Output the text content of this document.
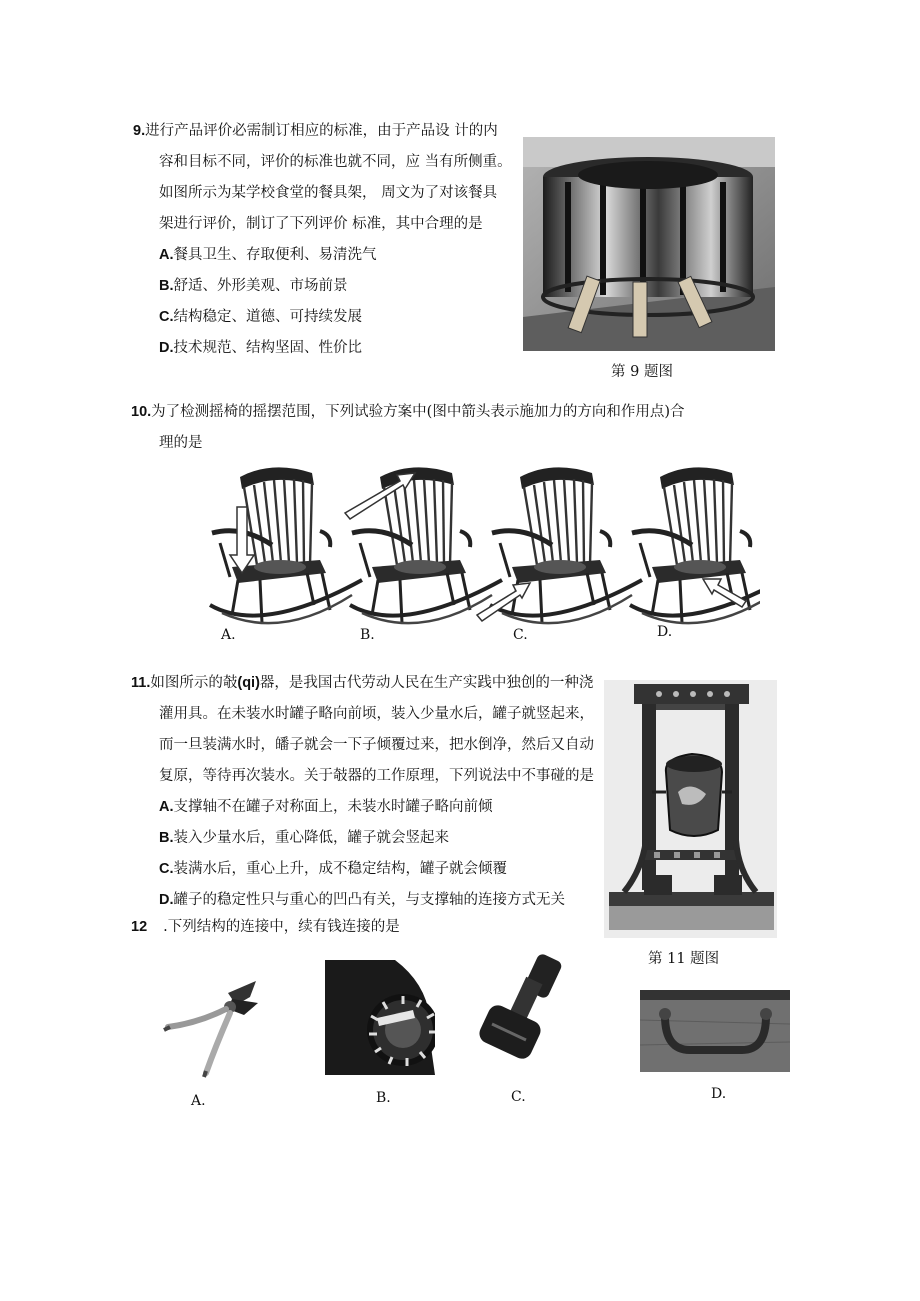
9.进行产品评价必需制订相应的标准，由于产品设 计的内
容和目标不同，评价的标准也就不同，应 当有所侧重。
如图所示为某学校食堂的餐具架， 周文为了对该餐具
架进行评价，制订了下列评价 标准，其中合理的是
A.餐具卫生、存取便利、易清洗气
B.舒适、外形美观、市场前景
C.结构稳定、道德、可持续发展
D.技术规范、结构坚固、性价比
第 9 题图
10.为了检测摇椅的摇摆范围，下列试验方案中(图中箭头表示施加力的方向和作用点)合
理的是
A.	B.	C.	D.
11.如图所示的攲(qi)器，是我国古代劳动人民在生产实践中独创的一种浇
灌用具。在未装水时罐子略向前顷，装入少量水后，罐子就竖起来，
而一旦装满水时，皤子就会一下子倾覆过来，把水倒净，然后又自动
复原，等待再次装水。关于攲器的工作原理，下列说法中不事碰的是
A.支撑轴不在罐子对称面上，未装水时罐子略向前倾
B.装入少量水后，重心降低，罐子就会竖起来
C.装满水后，重心上升，成不稳定结构，罐子就会倾覆
D.罐子的稳定性只与重心的凹凸有关，与支撑轴的连接方式无关
第 11 题图
12 .下列结构的连接中，续有钱连接的是
A.	B.	C.	D.
